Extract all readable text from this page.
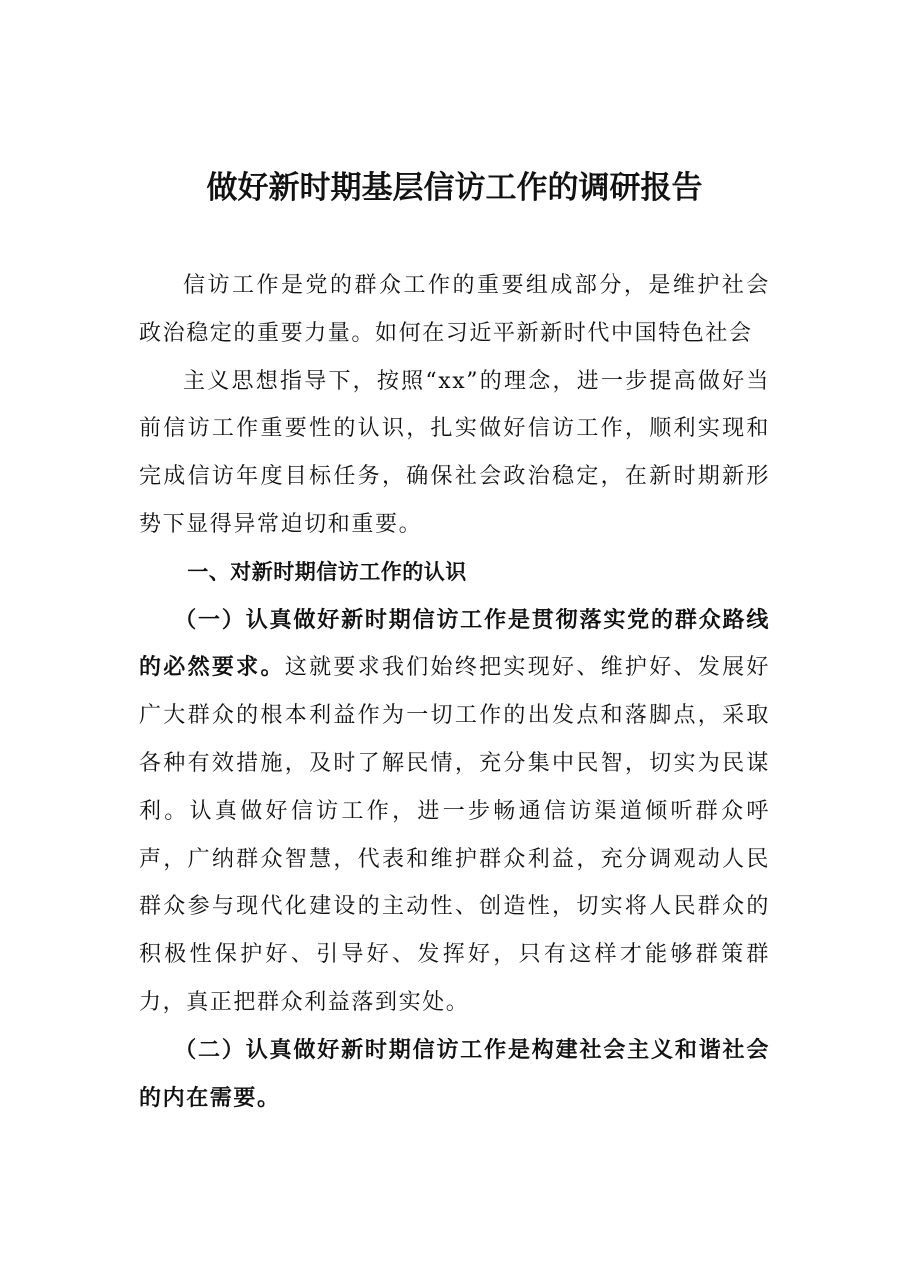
做好新时期基层信访工作的调研报告

信访工作是党的群众工作的重要组成部分，是维护社会政治稳定的重要力量。如何在习近平新新时代中国特色社会

主义思想指导下，按照“xx”的理念，进一步提高做好当前信访工作重要性的认识，扎实做好信访工作，顺利实现和完成信访年度目标任务，确保社会政治稳定，在新时期新形势下显得异常迫切和重要。

一、对新时期信访工作的认识

（一）认真做好新时期信访工作是贯彻落实党的群众路线的必然要求。这就要求我们始终把实现好、维护好、发展好广大群众的根本利益作为一切工作的出发点和落脚点，采取各种有效措施，及时了解民情，充分集中民智，切实为民谋利。认真做好信访工作，进一步畅通信访渠道倾听群众呼声，广纳群众智慧，代表和维护群众利益，充分调观动人民群众参与现代化建设的主动性、创造性，切实将人民群众的积极性保护好、引导好、发挥好，只有这样才能够群策群力，真正把群众利益落到实处。

（二）认真做好新时期信访工作是构建社会主义和谐社会的内在需要。
